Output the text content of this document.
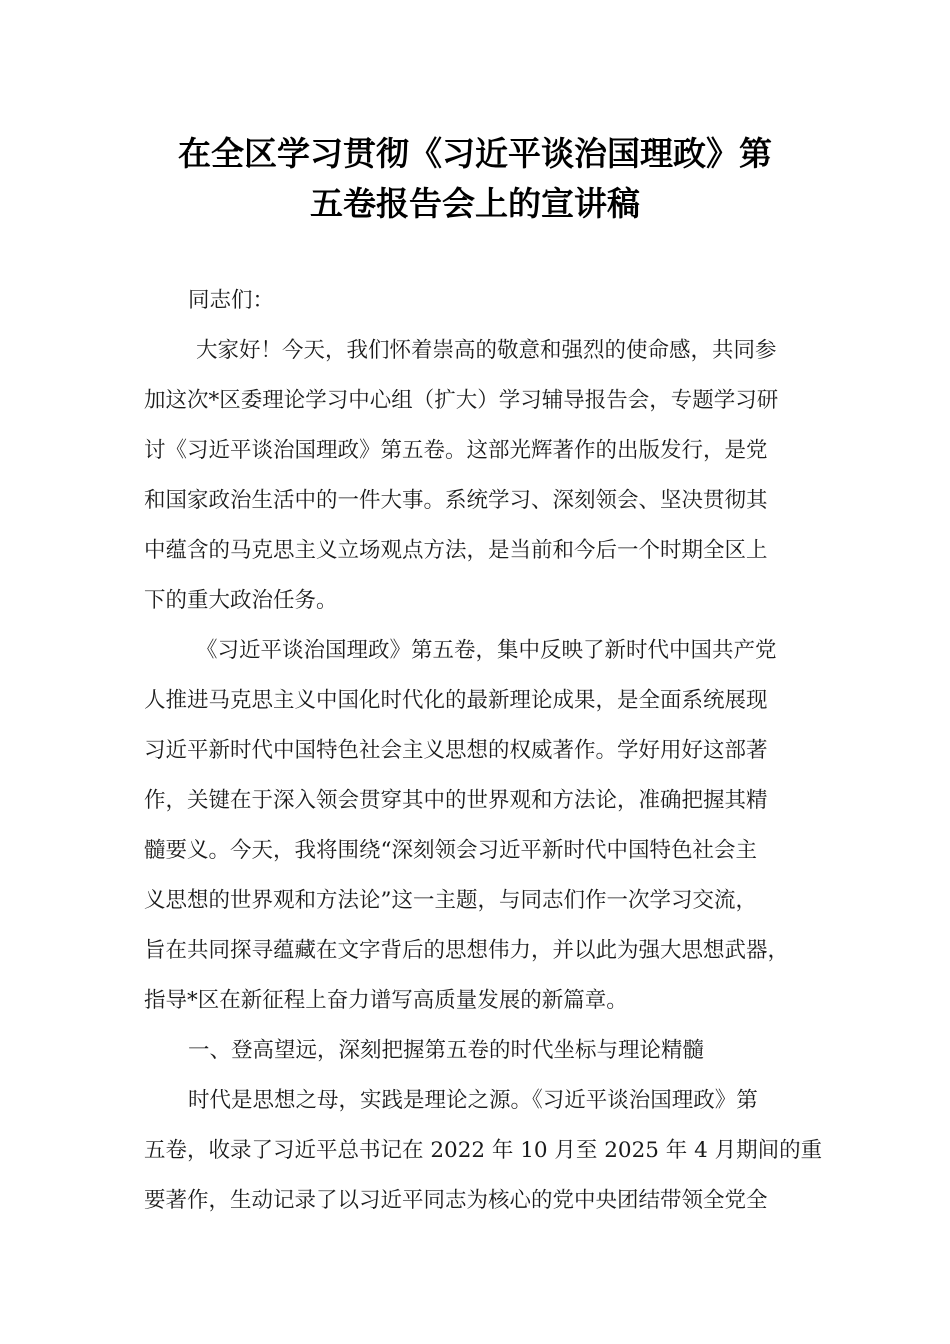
在全区学习贯彻《习近平谈治国理政》第
五卷报告会上的宣讲稿
同志们：
大家好！今天，我们怀着崇高的敬意和强烈的使命感，共同参
加这次*区委理论学习中心组（扩大）学习辅导报告会，专题学习研
讨《习近平谈治国理政》第五卷。这部光辉著作的出版发行，是党
和国家政治生活中的一件大事。系统学习、深刻领会、坚决贯彻其
中蕴含的马克思主义立场观点方法，是当前和今后一个时期全区上
下的重大政治任务。
《习近平谈治国理政》第五卷，集中反映了新时代中国共产党
人推进马克思主义中国化时代化的最新理论成果，是全面系统展现
习近平新时代中国特色社会主义思想的权威著作。学好用好这部著
作，关键在于深入领会贯穿其中的世界观和方法论，准确把握其精
髓要义。今天，我将围绕“深刻领会习近平新时代中国特色社会主
义思想的世界观和方法论”这一主题，与同志们作一次学习交流，
旨在共同探寻蕴藏在文字背后的思想伟力，并以此为强大思想武器，
指导*区在新征程上奋力谱写高质量发展的新篇章。
一、登高望远，深刻把握第五卷的时代坐标与理论精髓
时代是思想之母，实践是理论之源。《习近平谈治国理政》第
五卷，收录了习近平总书记在 2022 年 10 月至 2025 年 4 月期间的重
要著作，生动记录了以习近平同志为核心的党中央团结带领全党全
